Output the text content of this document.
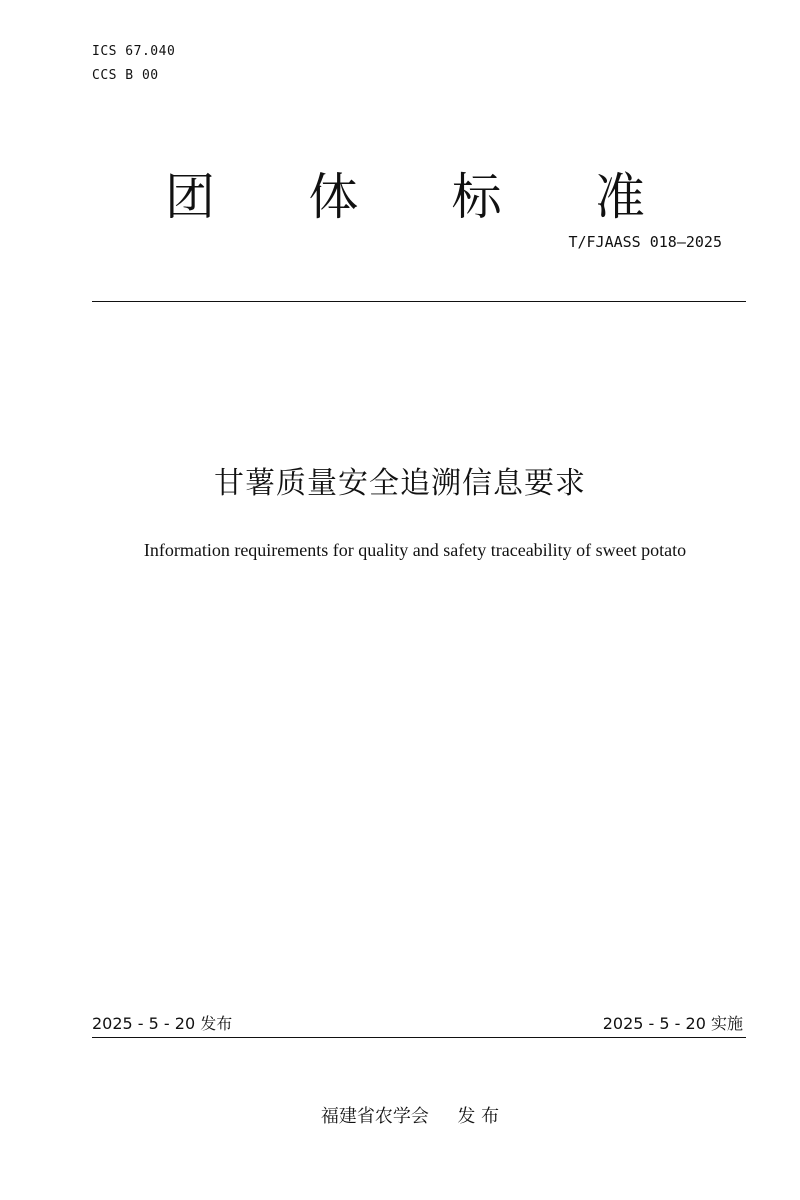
ICS 67.040
CCS B 00
团 体 标 准
T/FJAASS 018—2025
甘薯质量安全追溯信息要求
Information requirements for quality and safety traceability of sweet potato
2025 - 5 - 20 发布	2025 - 5 - 20 实施
福建省农学会     发 布
